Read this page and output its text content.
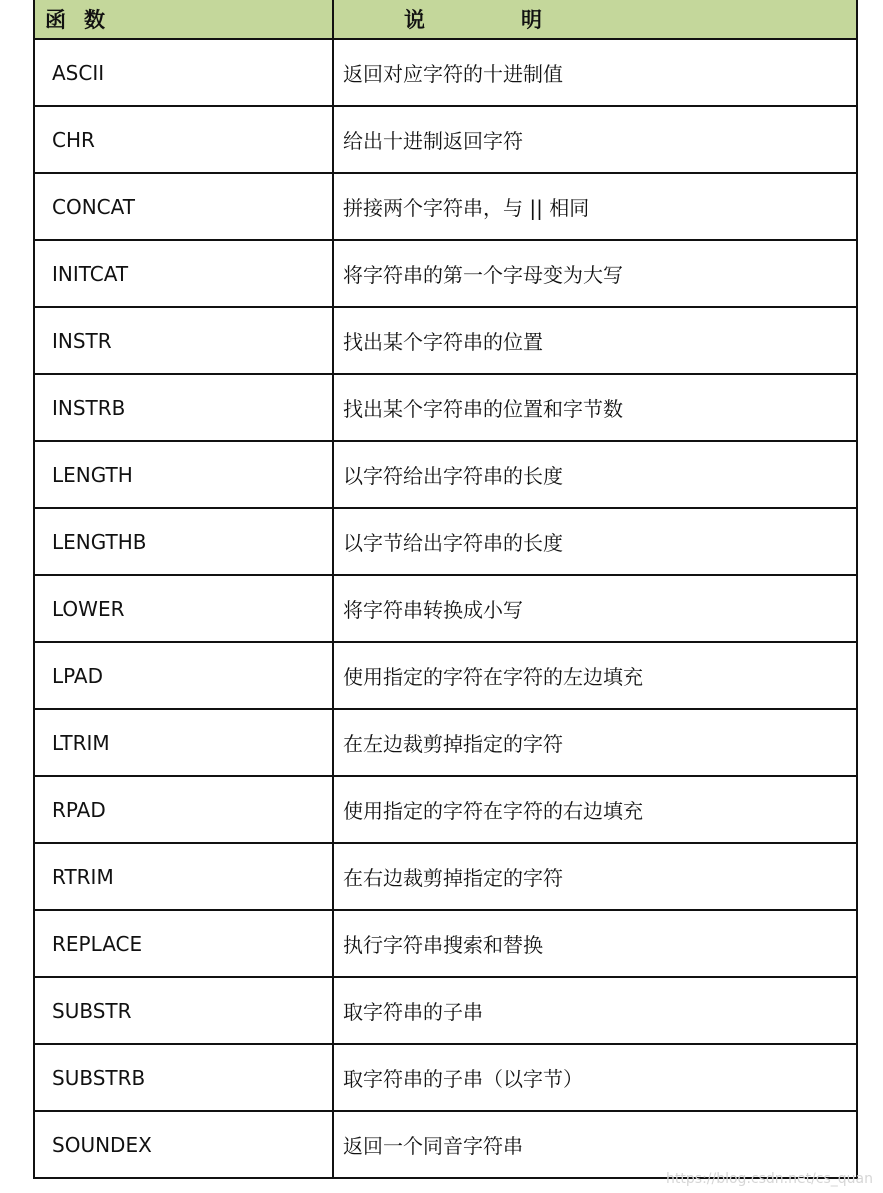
函数	说明
ASCII	返回对应字符的十进制值
CHR	给出十进制返回字符
CONCAT	拼接两个字符串，与 || 相同
INITCAT	将字符串的第一个字母变为大写
INSTR	找出某个字符串的位置
INSTRB	找出某个字符串的位置和字节数
LENGTH	以字符给出字符串的长度
LENGTHB	以字节给出字符串的长度
LOWER	将字符串转换成小写
LPAD	使用指定的字符在字符的左边填充
LTRIM	在左边裁剪掉指定的字符
RPAD	使用指定的字符在字符的右边填充
RTRIM	在右边裁剪掉指定的字符
REPLACE	执行字符串搜索和替换
SUBSTR	取字符串的子串
SUBSTRB	取字符串的子串（以字节）
SOUNDEX	返回一个同音字符串
https://blog.csdn.net/cs_quan
